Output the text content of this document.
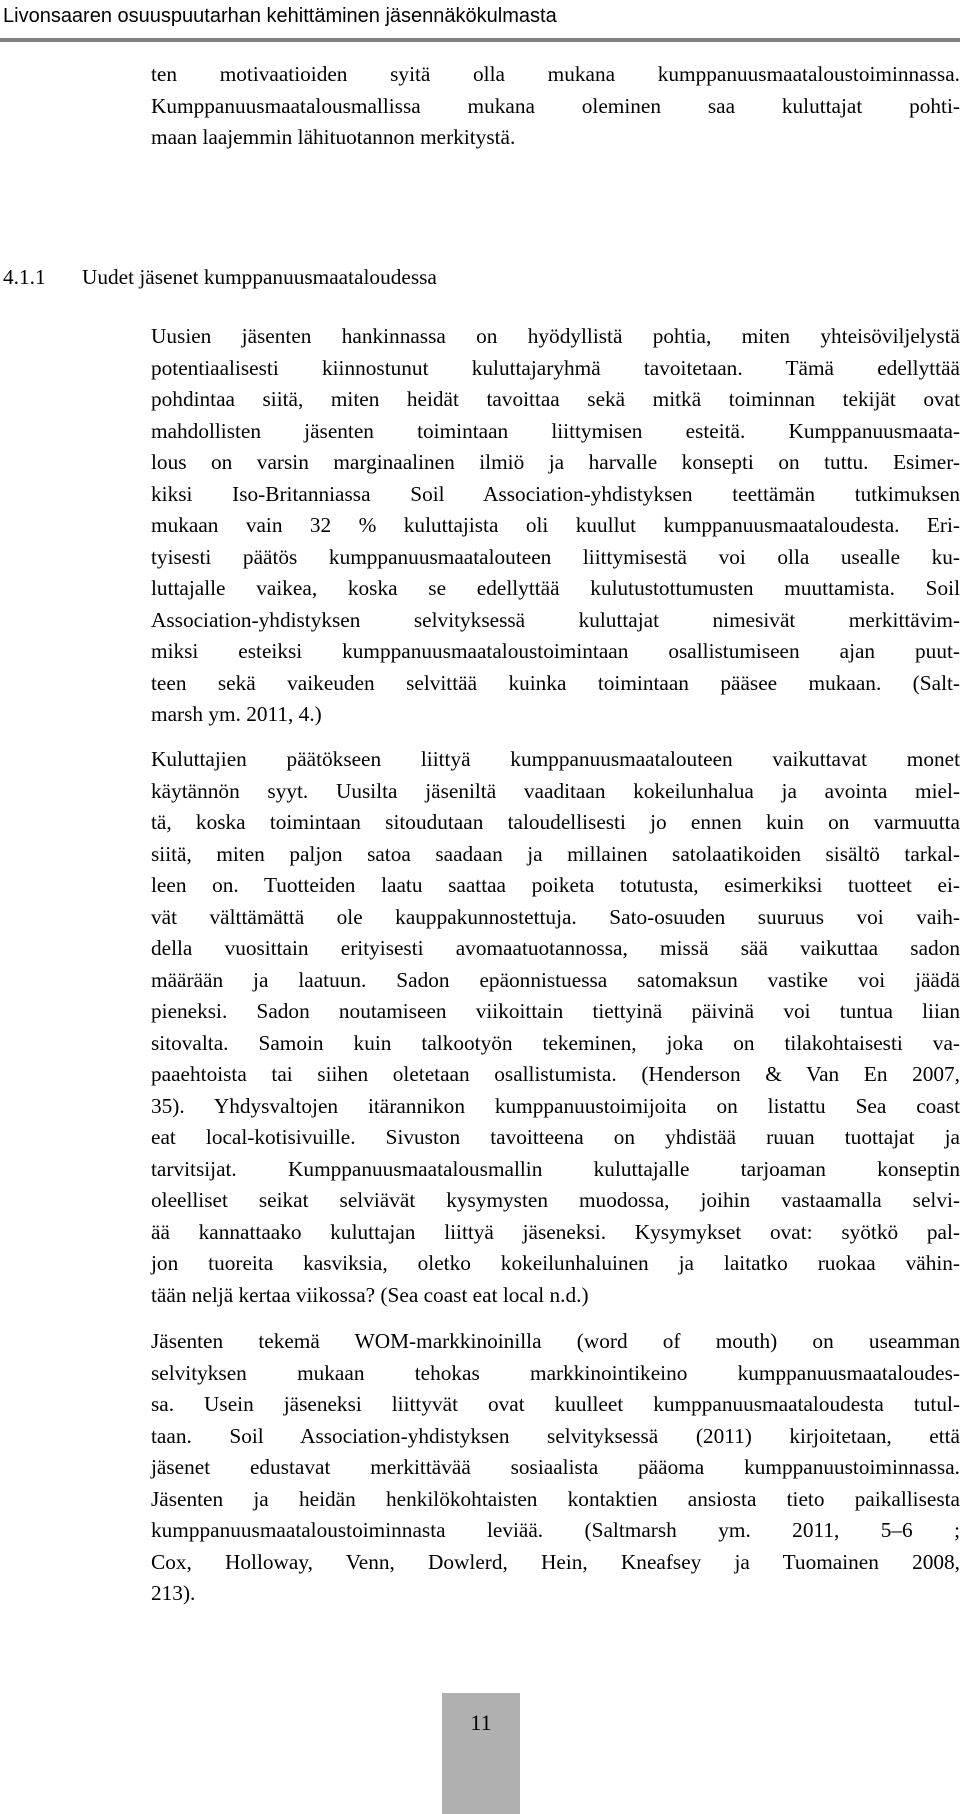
Livonsaaren osuuspuutarhan kehittäminen jäsennäkökulmasta
ten motivaatioiden syitä olla mukana kumppanuusmaataloustoiminnassa.
Kumppanuusmaatalousmallissa mukana oleminen saa kuluttajat pohti-
maan laajemmin lähituotannon merkitystä.
4.1.1 Uudet jäsenet kumppanuusmaataloudessa
Uusien jäsenten hankinnassa on hyödyllistä pohtia, miten yhteisöviljelystä
potentiaalisesti kiinnostunut kuluttajaryhmä tavoitetaan. Tämä edellyttää
pohdintaa siitä, miten heidät tavoittaa sekä mitkä toiminnan tekijät ovat
mahdollisten jäsenten toimintaan liittymisen esteitä. Kumppanuusmaata-
lous on varsin marginaalinen ilmiö ja harvalle konsepti on tuttu. Esimer-
kiksi Iso-Britanniassa Soil Association-yhdistyksen teettämän tutkimuksen
mukaan vain 32 % kuluttajista oli kuullut kumppanuusmaataloudesta. Eri-
tyisesti päätös kumppanuusmaatalouteen liittymisestä voi olla usealle ku-
luttajalle vaikea, koska se edellyttää kulutustottumusten muuttamista. Soil
Association-yhdistyksen selvityksessä kuluttajat nimesivät merkittävim-
miksi esteiksi kumppanuusmaataloustoimintaan osallistumiseen ajan puut-
teen sekä vaikeuden selvittää kuinka toimintaan pääsee mukaan. (Salt-
marsh ym. 2011, 4.)
Kuluttajien päätökseen liittyä kumppanuusmaatalouteen vaikuttavat monet
käytännön syyt. Uusilta jäseniltä vaaditaan kokeilunhalua ja avointa miel-
tä, koska toimintaan sitoudutaan taloudellisesti jo ennen kuin on varmuutta
siitä, miten paljon satoa saadaan ja millainen satolaatikoiden sisältö tarkal-
leen on. Tuotteiden laatu saattaa poiketa totutusta, esimerkiksi tuotteet ei-
vät välttämättä ole kauppakunnostettuja. Sato-osuuden suuruus voi vaih-
della vuosittain erityisesti avomaatuotannossa, missä sää vaikuttaa sadon
määrään ja laatuun. Sadon epäonnistuessa satomaksun vastike voi jäädä
pieneksi. Sadon noutamiseen viikoittain tiettyinä päivinä voi tuntua liian
sitovalta. Samoin kuin talkootyön tekeminen, joka on tilakohtaisesti va-
paaehtoista tai siihen oletetaan osallistumista. (Henderson & Van En 2007,
35). Yhdysvaltojen itärannikon kumppanuustoimijoita on listattu Sea coast
eat local-kotisivuille. Sivuston tavoitteena on yhdistää ruuan tuottajat ja
tarvitsijat. Kumppanuusmaatalousmallin kuluttajalle tarjoaman konseptin
oleelliset seikat selviävät kysymysten muodossa, joihin vastaamalla selvi-
ää kannattaako kuluttajan liittyä jäseneksi. Kysymykset ovat: syötkö pal-
jon tuoreita kasviksia, oletko kokeilunhaluinen ja laitatko ruokaa vähin-
tään neljä kertaa viikossa? (Sea coast eat local n.d.)
Jäsenten tekemä WOM-markkinoinilla (word of mouth) on useamman
selvityksen mukaan tehokas markkinointikeino kumppanuusmaataloudes-
sa. Usein jäseneksi liittyvät ovat kuulleet kumppanuusmaataloudesta tutul-
taan. Soil Association-yhdistyksen selvityksessä (2011) kirjoitetaan, että
jäsenet edustavat merkittävää sosiaalista pääoma kumppanuustoiminnassa.
Jäsenten ja heidän henkilökohtaisten kontaktien ansiosta tieto paikallisesta
kumppanuusmaataloustoiminnasta leviää. (Saltmarsh ym. 2011, 5–6 ;
Cox, Holloway, Venn, Dowlerd, Hein, Kneafsey ja Tuomainen 2008,
213).
11
